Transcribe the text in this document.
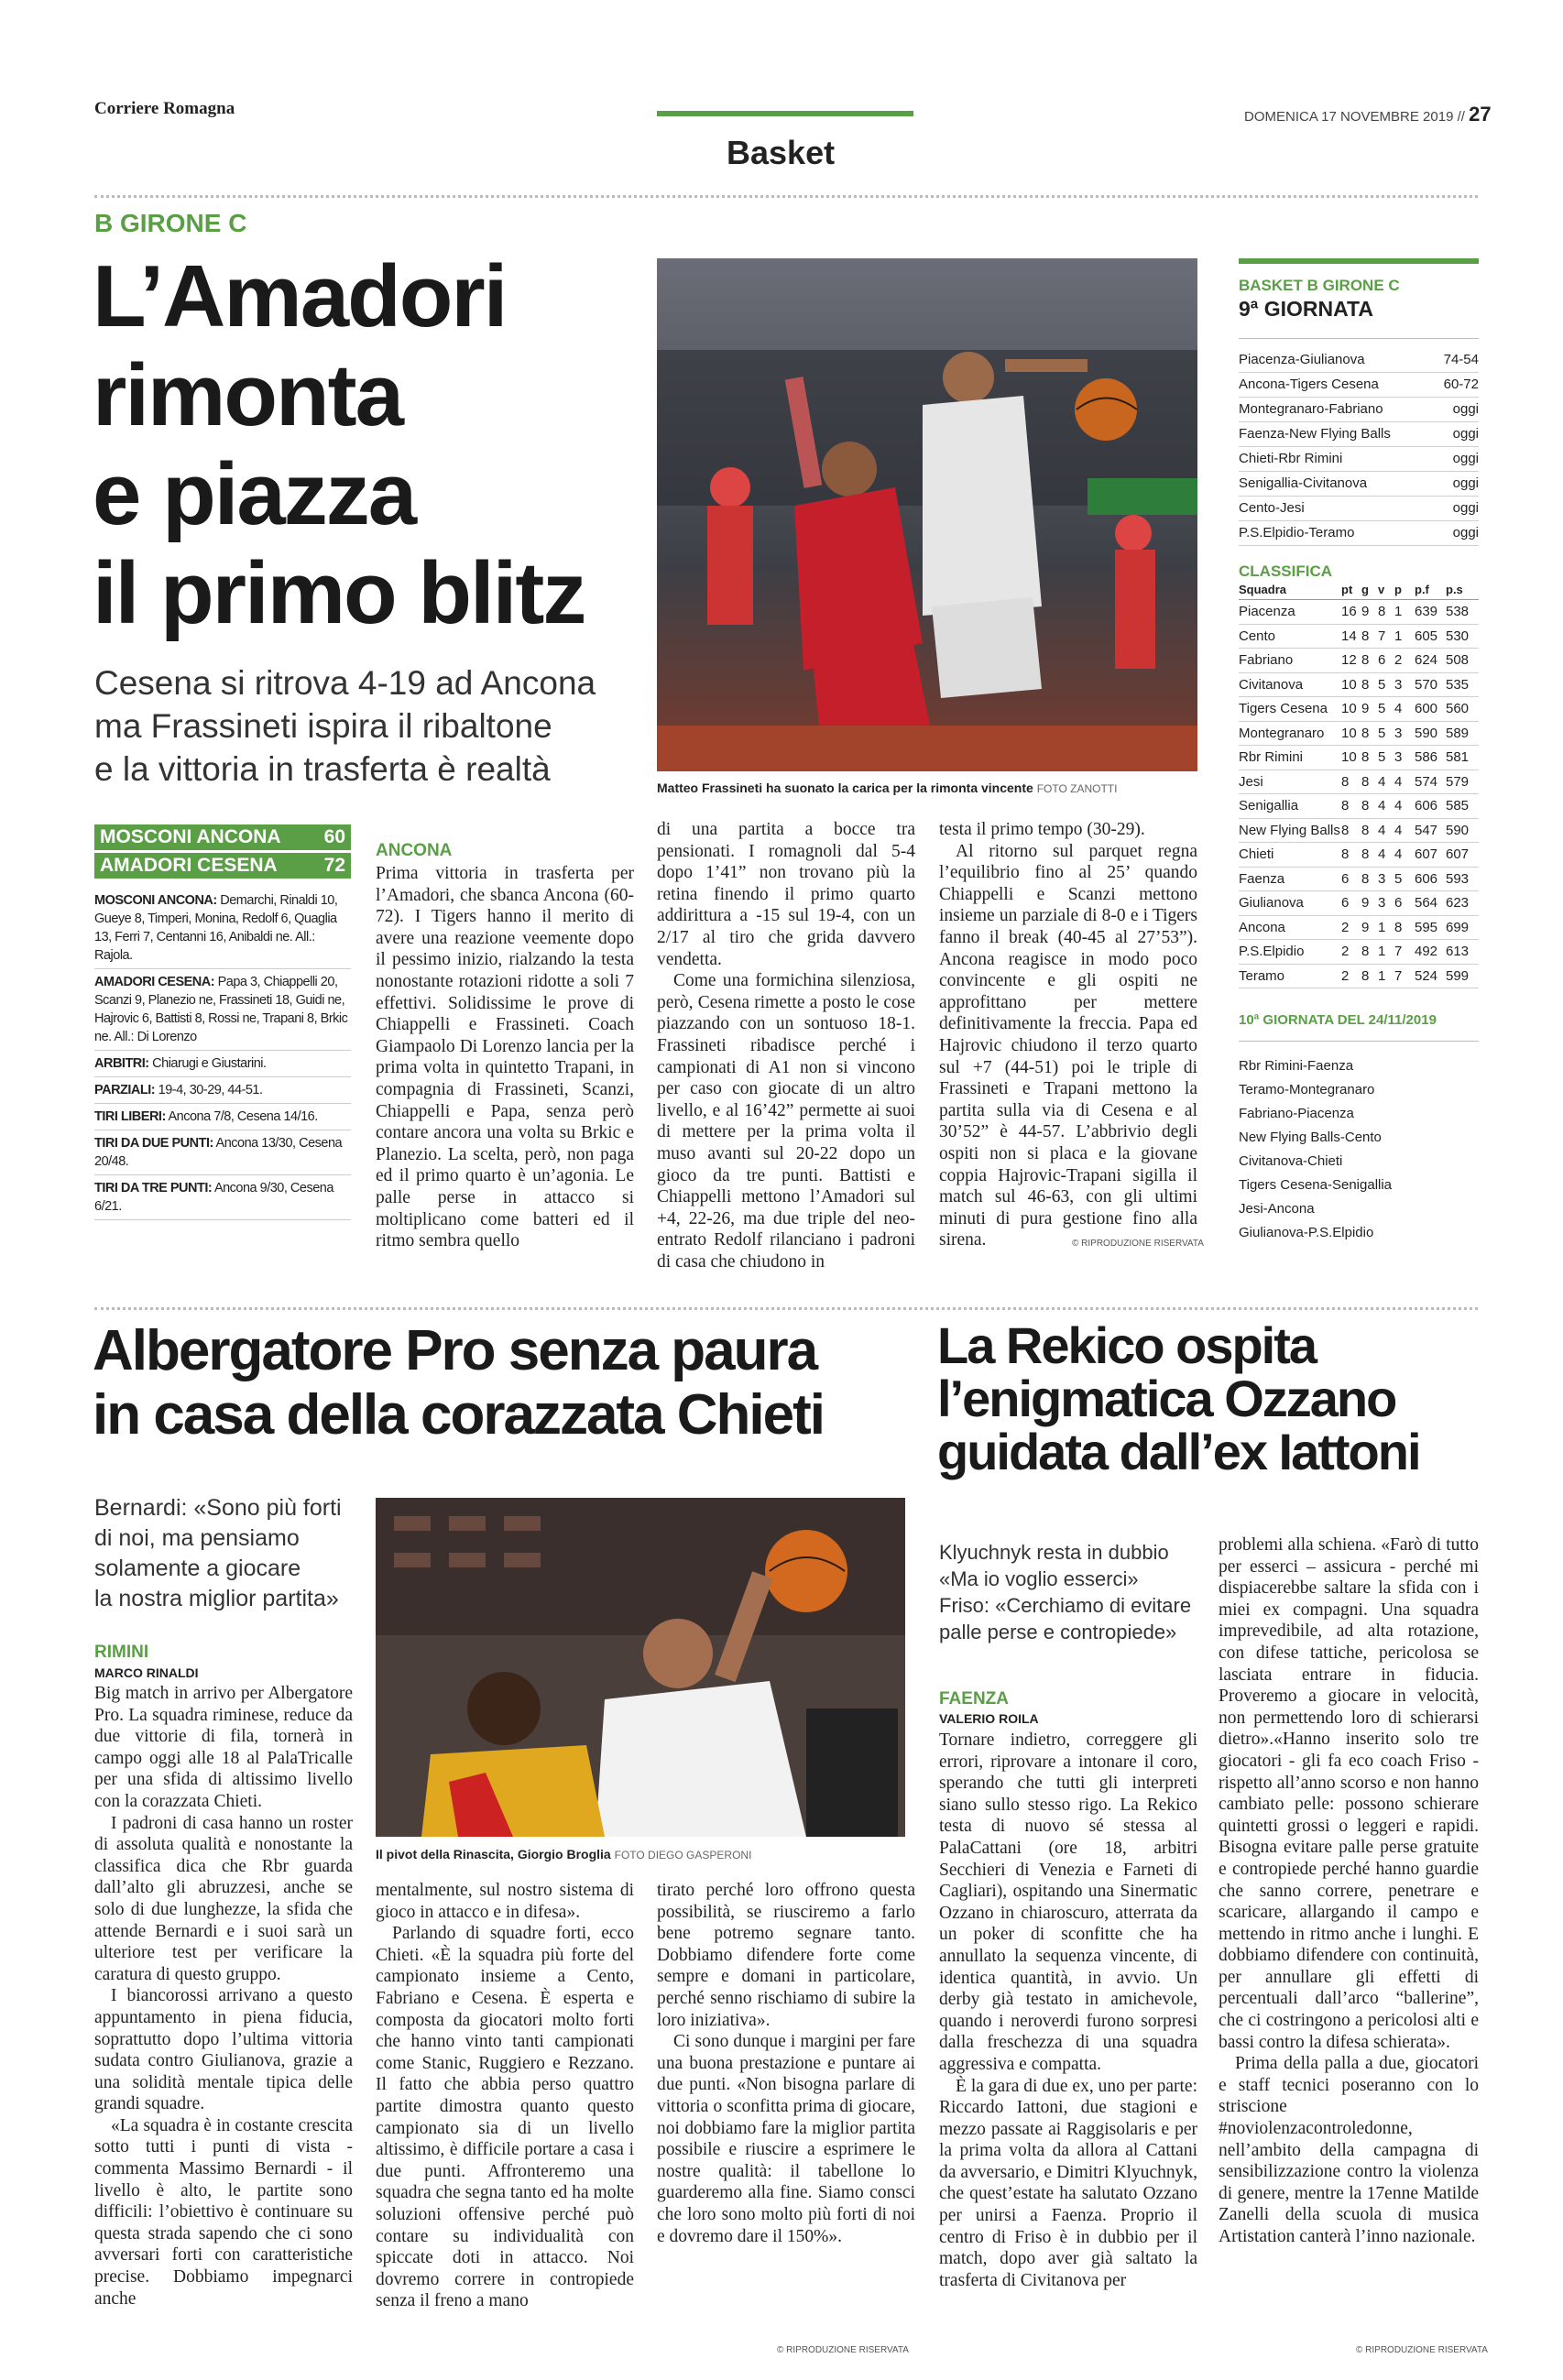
Corriere Romagna	DOMENICA 17 NOVEMBRE 2019 // 27
Basket
B GIRONE C
L’Amadori
rimonta
e piazza
il primo blitz
Cesena si ritrova 4-19 ad Ancona
ma Frassineti ispira il ribaltone
e la vittoria in trasferta è realtà	Matteo Frassineti ha suonato la carica per la rimonta vincente FOTO ZANOTTI
MOSCONI ANCONA 60
AMADORI CESENA 72
MOSCONI ANCONA: Demarchi, Rinaldi 10, Gueye 8, Timperi, Monina, Redolf 6, Quaglia 13, Ferri 7, Centanni 16, Anibaldi ne. All.: Rajola.
AMADORI CESENA: Papa 3, Chiappelli 20, Scanzi 9, Planezio ne, Frassineti 18, Guidi ne, Hajrovic 6, Battisti 8, Rossi ne, Trapani 8, Brkic ne. All.: Di Lorenzo
ARBITRI: Chiarugi e Giustarini.
PARZIALI: 19-4, 30-29, 44-51.
TIRI LIBERI: Ancona 7/8, Cesena 14/16.
TIRI DA DUE PUNTI: Ancona 13/30, Cesena 20/48.
TIRI DA TRE PUNTI: Ancona 9/30, Cesena 6/21.
ANCONA

Prima vittoria in trasferta per l’Amadori, che sbanca Ancona (60-72). I Tigers hanno il merito di avere una reazione veemente dopo il pessimo inizio, rialzando la testa nonostante rotazioni ridotte a soli 7 effettivi. Solidissime le prove di Chiappelli e Frassineti. Coach Giampaolo Di Lorenzo lancia per la prima volta in quintetto Trapani, in compagnia di Frassineti, Scanzi, Chiappelli e Papa, senza però contare ancora una volta su Brkic e Planezio. La scelta, però, non paga ed il primo quarto è un’agonia. Le palle perse in attacco si moltiplicano come batteri ed il ritmo sembra quello

di una partita a bocce tra pensionati. I romagnoli dal 5-4 dopo 1’41” non trovano più la retina finendo il primo quarto addirittura a -15 sul 19-4, con un 2/17 al tiro che grida davvero vendetta.

Come una formichina silenziosa, però, Cesena rimette a posto le cose piazzando con un sontuoso 18-1. Frassineti ribadisce perché i campionati di A1 non si vincono per caso con giocate di un altro livello, e al 16’42” permette ai suoi di mettere per la prima volta il muso avanti sul 20-22 dopo un gioco da tre punti. Battisti e Chiappelli mettono l’Amadori sul +4, 22-26, ma due triple del neo-entrato Redolf rilanciano i padroni di casa che chiudono in

testa il primo tempo (30-29).

Al ritorno sul parquet regna l’equilibrio fino al 25’ quando Chiappelli e Scanzi mettono insieme un parziale di 8-0 e i Tigers fanno il break (40-45 al 27’53”). Ancona reagisce in modo poco convincente e gli ospiti ne approfittano per mettere definitivamente la freccia. Papa ed Hajrovic chiudono il terzo quarto sul +7 (44-51) poi le triple di Frassineti e Trapani mettono la partita sulla via di Cesena e al 30’52” è 44-57. L’abbrivio degli ospiti non si placa e la giovane coppia Hajrovic-Trapani sigilla il match sul 46-63, con gli ultimi minuti di pura gestione fino alla sirena.	© RIPRODUZIONE RISERVATA
BASKET B GIRONE C
9ª GIORNATA
Piacenza-Giulianova	74-54
Ancona-Tigers Cesena	60-72
Montegranaro-Fabriano	oggi
Faenza-New Flying Balls	oggi
Chieti-Rbr Rimini	oggi
Senigallia-Civitanova	oggi
Cento-Jesi	oggi
P.S.Elpidio-Teramo	oggi
CLASSIFICA
Squadra	pt g v p	p.f	p.s
Piacenza	16 9 8 1 639 538
Cento	14 8 7 1 605 530
Fabriano	12 8 6 2 624 508
Civitanova	10 8 5 3 570 535
Tigers Cesena	10 9 5 4 600 560
Montegranaro	10 8 5 3 590 589
Rbr Rimini	10 8 5 3 586 581
Jesi	8 8 4 4 574 579
Senigallia	8 8 4 4 606 585
New Flying Balls 8 8 4 4 547 590
Chieti	8 8 4 4 607 607
Faenza	6 8 3 5 606 593
Giulianova	6 9 3 6 564 623
Ancona	2 9 1 8 595 699
P.S.Elpidio	2 8 1 7 492 613
Teramo	2 8 1 7 524 599
10ª GIORNATA DEL 24/11/2019
Rbr Rimini-Faenza
Teramo-Montegranaro
Fabriano-Piacenza
New Flying Balls-Cento
Civitanova-Chieti
Tigers Cesena-Senigallia
Jesi-Ancona
Giulianova-P.S.Elpidio
Albergatore Pro senza paura
in casa della corazzata Chieti
Bernardi: «Sono più forti
di noi, ma pensiamo
solamente a giocare
la nostra miglior partita»
Il pivot della Rinascita, Giorgio Broglia FOTO DIEGO GASPERONI
RIMINI
MARCO RINALDI

Big match in arrivo per Albergatore Pro. La squadra riminese, reduce da due vittorie di fila, tornerà in campo oggi alle 18 al PalaTricalle per una sfida di altissimo livello con la corazzata Chieti.

I padroni di casa hanno un roster di assoluta qualità e nonostante la classifica dica che Rbr guarda dall’alto gli abruzzesi, anche se solo di due lunghezze, la sfida che attende Bernardi e i suoi sarà un ulteriore test per verificare la caratura di questo gruppo.

I biancorossi arrivano a questo appuntamento in piena fiducia, soprattutto dopo l’ultima vittoria sudata contro Giulianova, grazie a una solidità mentale tipica delle grandi squadre.

«La squadra è in costante crescita sotto tutti i punti di vista - commenta Massimo Bernardi - il livello è alto, le partite sono difficili: l’obiettivo è continuare su questa strada sapendo che ci sono avversari forti con caratteristiche precise. Dobbiamo impegnarci anche

mentalmente, sul nostro sistema di gioco in attacco e in difesa».

Parlando di squadre forti, ecco Chieti. «È la squadra più forte del campionato insieme a Cento, Fabriano e Cesena. È esperta e composta da giocatori molto forti che hanno vinto tanti campionati come Stanic, Ruggiero e Rezzano. Il fatto che abbia perso quattro partite dimostra quanto questo campionato sia di un livello altissimo, è difficile portare a casa i due punti. Affronteremo una squadra che segna tanto ed ha molte soluzioni offensive perché può contare su individualità con spiccate doti in attacco. Noi dovremo correre in contropiede senza il freno a mano

tirato perché loro offrono questa possibilità, se riusciremo a farlo bene potremo segnare tanto. Dobbiamo difendere forte come sempre e domani in particolare, perché senno rischiamo di subire la loro iniziativa».

Ci sono dunque i margini per fare una buona prestazione e puntare ai due punti. «Non bisogna parlare di vittoria o sconfitta prima di giocare, noi dobbiamo fare la miglior partita possibile e riuscire a esprimere le nostre qualità: il tabellone lo guarderemo alla fine. Siamo consci che loro sono molto più forti di noi e dovremo dare il 150%».

© RIPRODUZIONE RISERVATA
La Rekico ospita
l’enigmatica Ozzano
guidata dall’ex Iattoni
Klyuchnyk resta in dubbio
«Ma io voglio esserci»
Friso: «Cerchiamo di evitare
palle perse e contropiede»
FAENZA
VALERIO ROILA

Tornare indietro, correggere gli errori, riprovare a intonare il coro, sperando che tutti gli interpreti siano sullo stesso rigo. La Rekico testa di nuovo sé stessa al PalaCattani (ore 18, arbitri Secchieri di Venezia e Farneti di Cagliari), ospitando una Sinermatic Ozzano in chiaroscuro, atterrata da un poker di sconfitte che ha annullato la sequenza vincente, di identica quantità, in avvio. Un derby già testato in amichevole, quando i neroverdi furono sorpresi dalla freschezza di una squadra aggressiva e compatta.

È la gara di due ex, uno per parte: Riccardo Iattoni, due stagioni e mezzo passate ai Raggisolaris e per la prima volta da allora al Cattani da avversario, e Dimitri Klyuchnyk, che quest’estate ha salutato Ozzano per unirsi a Faenza. Proprio il centro di Friso è in dubbio per il match, dopo aver già saltato la trasferta di Civitanova per

problemi alla schiena. «Farò di tutto per esserci – assicura - perché mi dispiacerebbe saltare la sfida con i miei ex compagni. Una squadra imprevedibile, ad alta rotazione, con difese tattiche, pericolosa se lasciata entrare in fiducia. Proveremo a giocare in velocità, non permettendo loro di schierarsi dietro».«Hanno inserito solo tre giocatori - gli fa eco coach Friso - rispetto all’anno scorso e non hanno cambiato pelle: possono schierare quintetti grossi o leggeri e rapidi. Bisogna evitare palle perse gratuite e contropiede perché hanno guardie che sanno correre, penetrare e scaricare, allargando il campo e mettendo in ritmo anche i lunghi. E dobbiamo difendere con continuità, per annullare gli effetti di percentuali dall’arco “ballerine”, che ci costringono a pericolosi alti e bassi contro la difesa schierata».

Prima della palla a due, giocatori e staff tecnici poseranno con lo striscione #noviolenzacontroledonne, nell’ambito della campagna di sensibilizzazione contro la violenza di genere, mentre la 17enne Matilde Zanelli della scuola di musica Artistation canterà l’inno nazionale.

© RIPRODUZIONE RISERVATA
